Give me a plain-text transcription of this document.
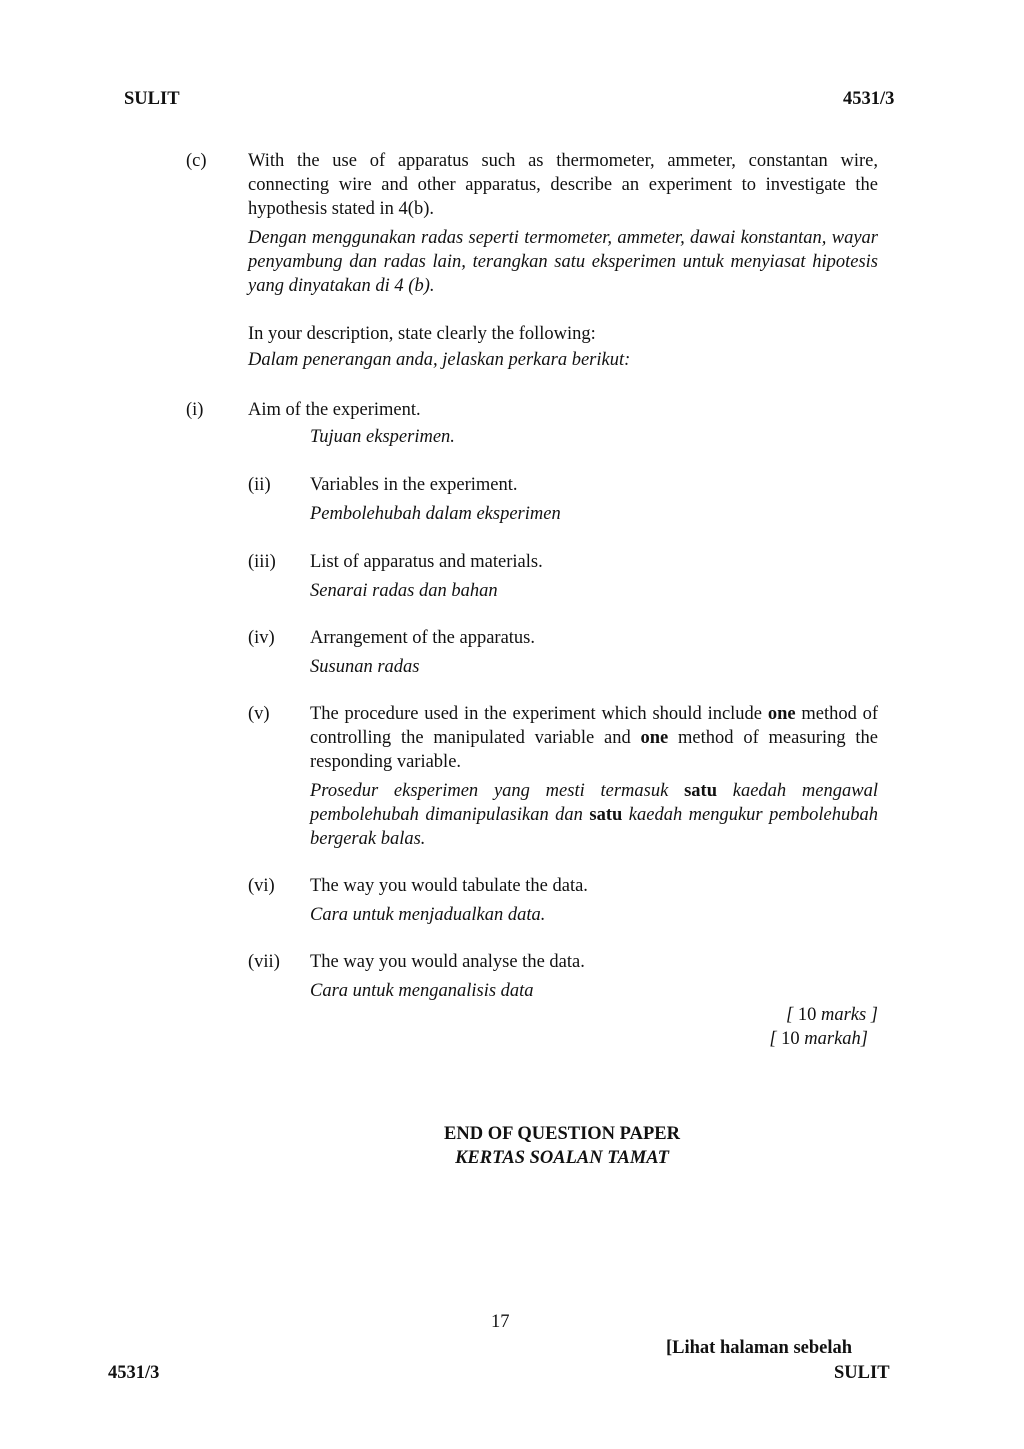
SULIT	4531/3
(c) With the use of apparatus such as thermometer, ammeter, constantan wire, connecting wire and other apparatus, describe an experiment to investigate the hypothesis stated in 4(b).
Dengan menggunakan radas seperti termometer, ammeter, dawai konstantan, wayar penyambung dan radas lain, terangkan satu eksperimen untuk menyiasat hipotesis yang dinyatakan di 4 (b).
In your description, state clearly the following:
Dalam penerangan anda, jelaskan perkara berikut:
(i) Aim of the experiment.
Tujuan eksperimen.
(ii) Variables in the experiment.
Pembolehubah dalam eksperimen
(iii) List of apparatus and materials.
Senarai radas dan bahan
(iv) Arrangement of the apparatus.
Susunan radas
(v) The procedure used in the experiment which should include one method of controlling the manipulated variable and one method of measuring the responding variable.

Prosedur eksperimen yang mesti termasuk satu kaedah mengawal pembolehubah dimanipulasikan dan satu kaedah mengukur pembolehubah bergerak balas.

(vi) The way you would tabulate the data.
Cara untuk menjadualkan data.
(vii) The way you would analyse the data.
Cara untuk menganalisis data
[ 10 marks ]
[ 10 markah]
END OF QUESTION PAPER
KERTAS SOALAN TAMAT
17
[Lihat halaman sebelah
4531/3	SULIT
